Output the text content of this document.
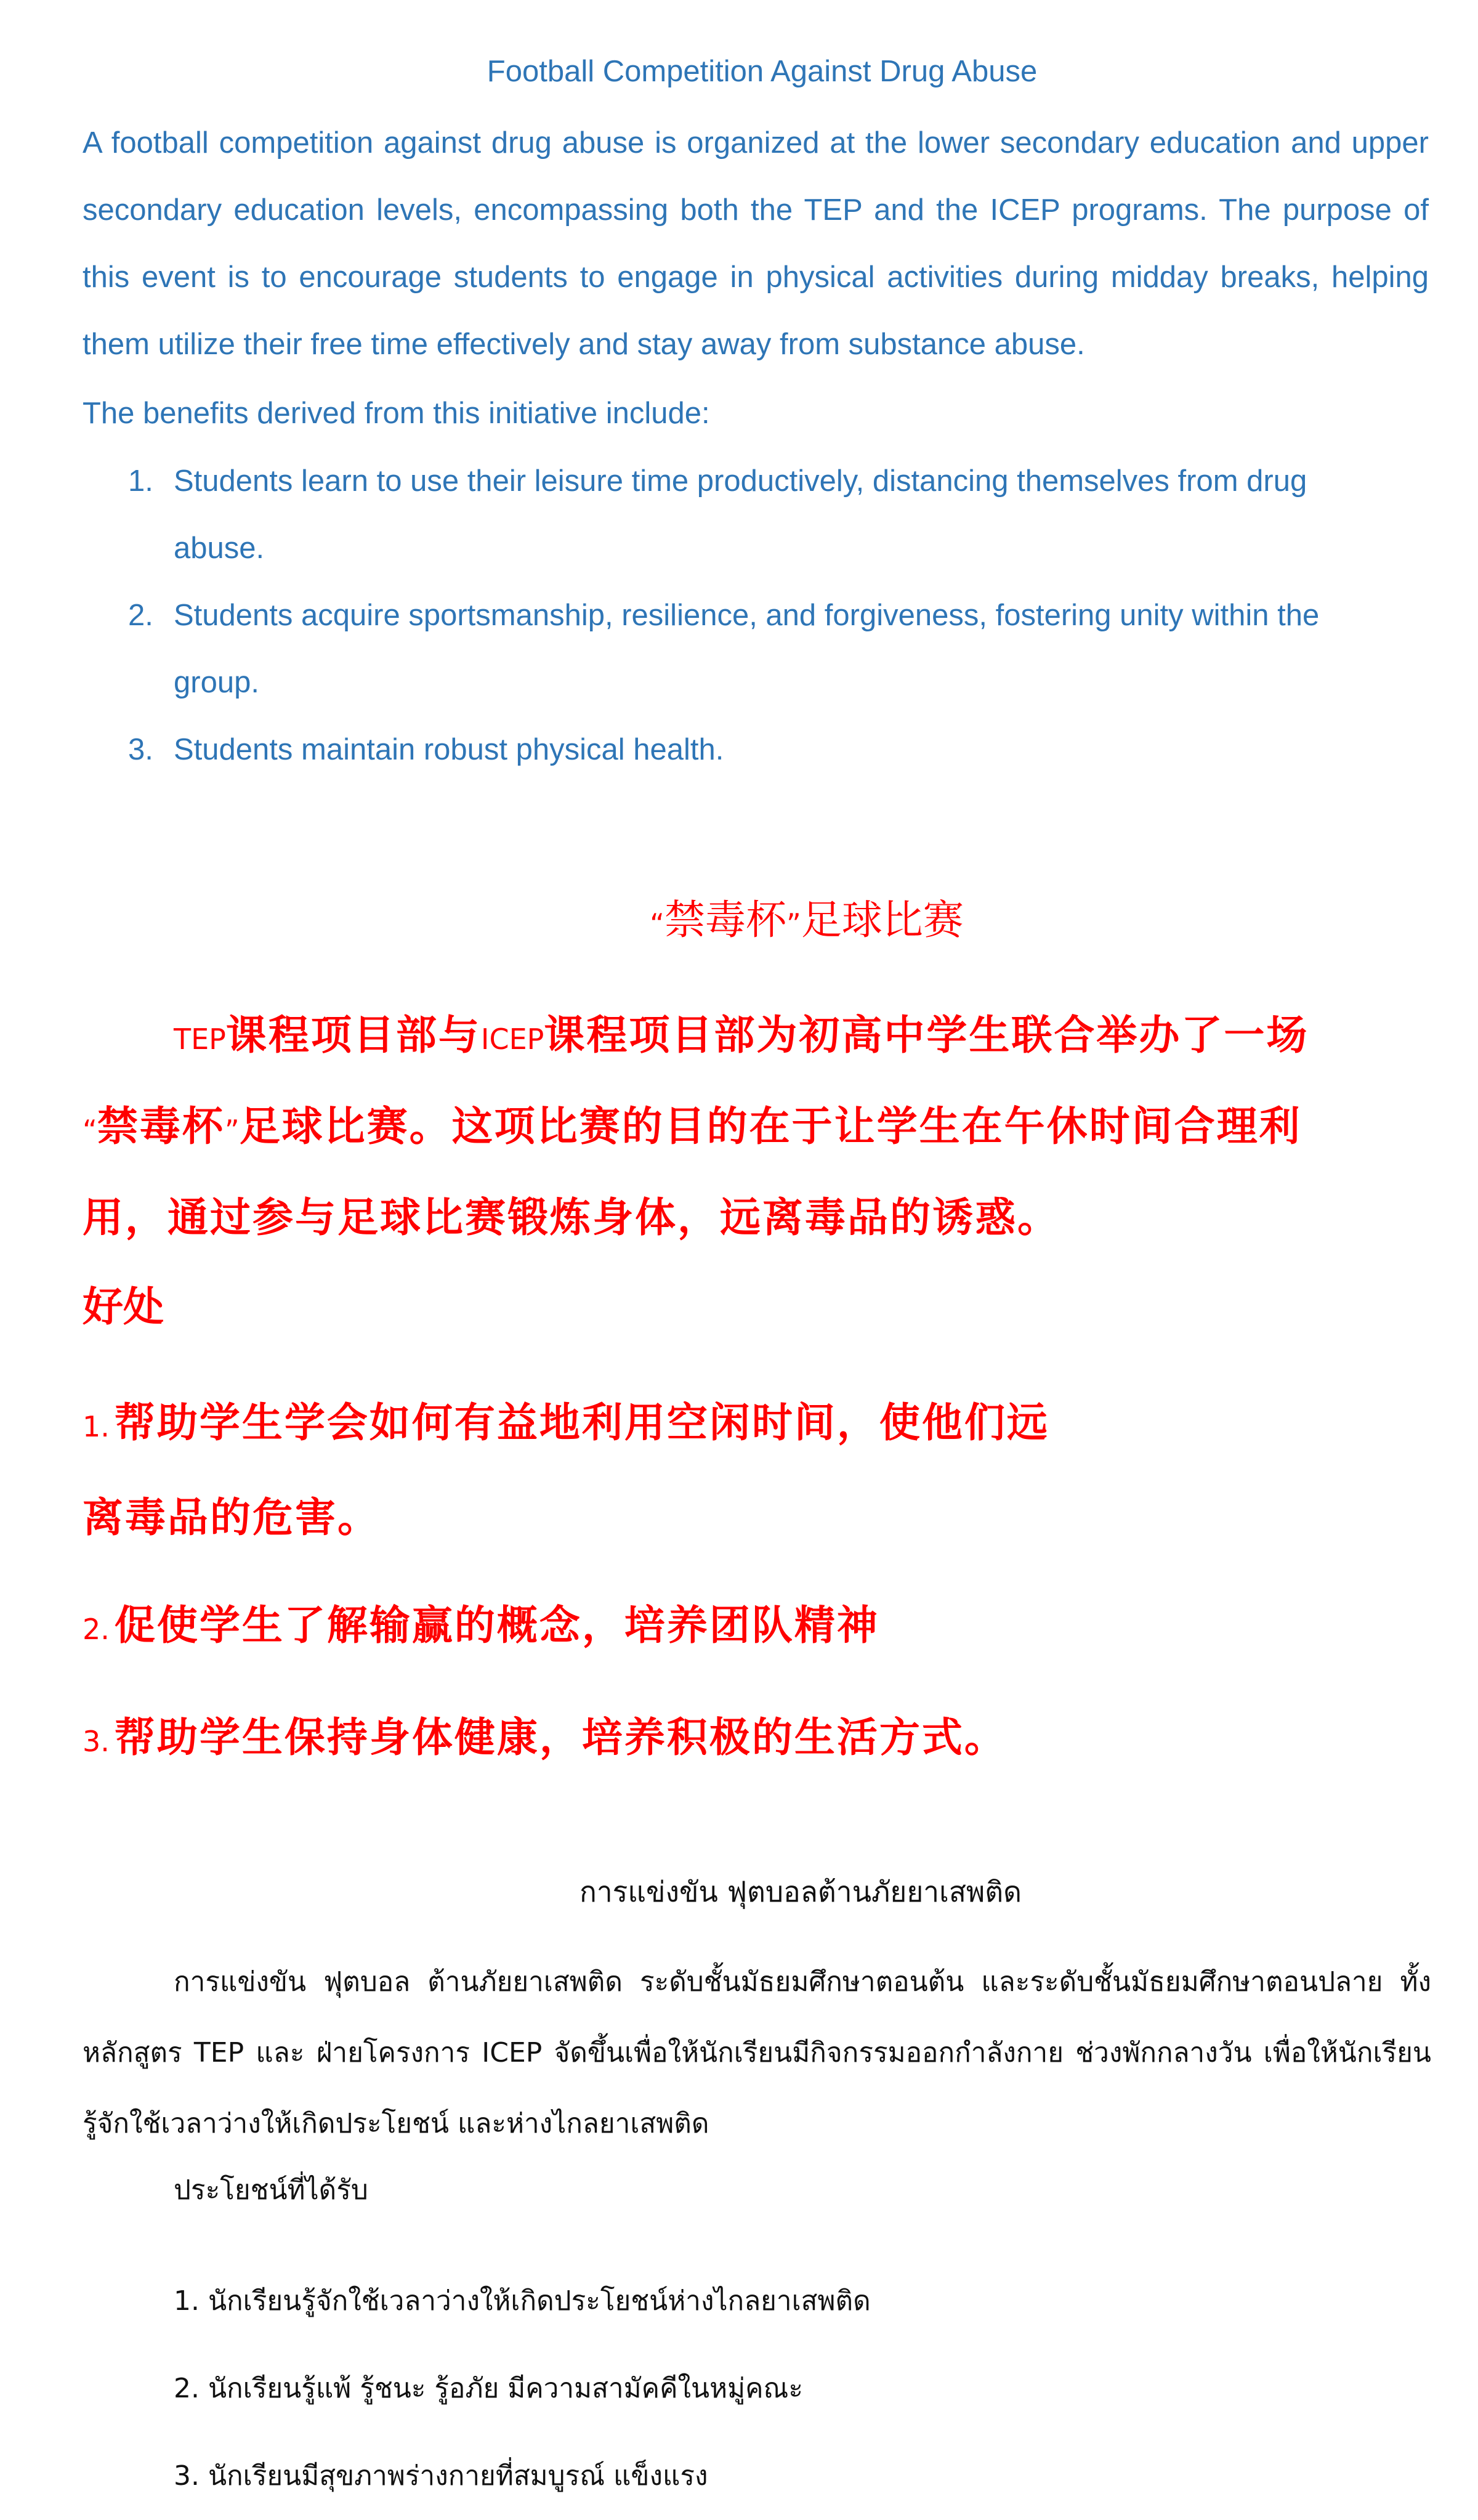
Football Competition Against Drug Abuse

A football competition against drug abuse is organized at the lower secondary education and upper secondary education levels, encompassing both the TEP and the ICEP programs. The purpose of this event is to encourage students to engage in physical activities during midday breaks, helping them utilize their free time effectively and stay away from substance abuse.

The benefits derived from this initiative include:

1. Students learn to use their leisure time productively, distancing themselves from drug abuse.
2. Students acquire sportsmanship, resilience, and forgiveness, fostering unity within the group.
3. Students maintain robust physical health.
“禁毒杯”足球比赛

TEP课程项目部与ICEP课程项目部为初高中学生联合举办了一场
“禁毒杯”足球比赛。这项比赛的目的在于让学生在午休时间合理利
用，通过参与足球比赛锻炼身体，远离毒品的诱惑。

好处

1. 帮助学生学会如何有益地利用空闲时间，使他们远
离毒品的危害。
2. 促使学生了解输赢的概念，培养团队精神
3. 帮助学生保持身体健康，培养积极的生活方式。
การแข่งขัน ฟุตบอลต้านภัยยาเสพติด

การแข่งขัน ฟุตบอล ต้านภัยยาเสพติด ระดับชั้นมัธยมศึกษาตอนต้น และระดับชั้นมัธยมศึกษาตอนปลาย ทั้งหลักสูตร TEP และ ฝ่ายโครงการ ICEP จัดขึ้นเพื่อให้นักเรียนมีกิจกรรมออกกำลังกาย ช่วงพักกลางวัน เพื่อให้นักเรียนรู้จักใช้เวลาว่างให้เกิดประโยชน์ และห่างไกลยาเสพติด

ประโยชน์ที่ได้รับ

1. นักเรียนรู้จักใช้เวลาว่างให้เกิดประโยชน์ห่างไกลยาเสพติด
2. นักเรียนรู้แพ้ รู้ชนะ รู้อภัย มีความสามัคคีในหมู่คณะ
3. นักเรียนมีสุขภาพร่างกายที่สมบูรณ์ แข็งแรง
